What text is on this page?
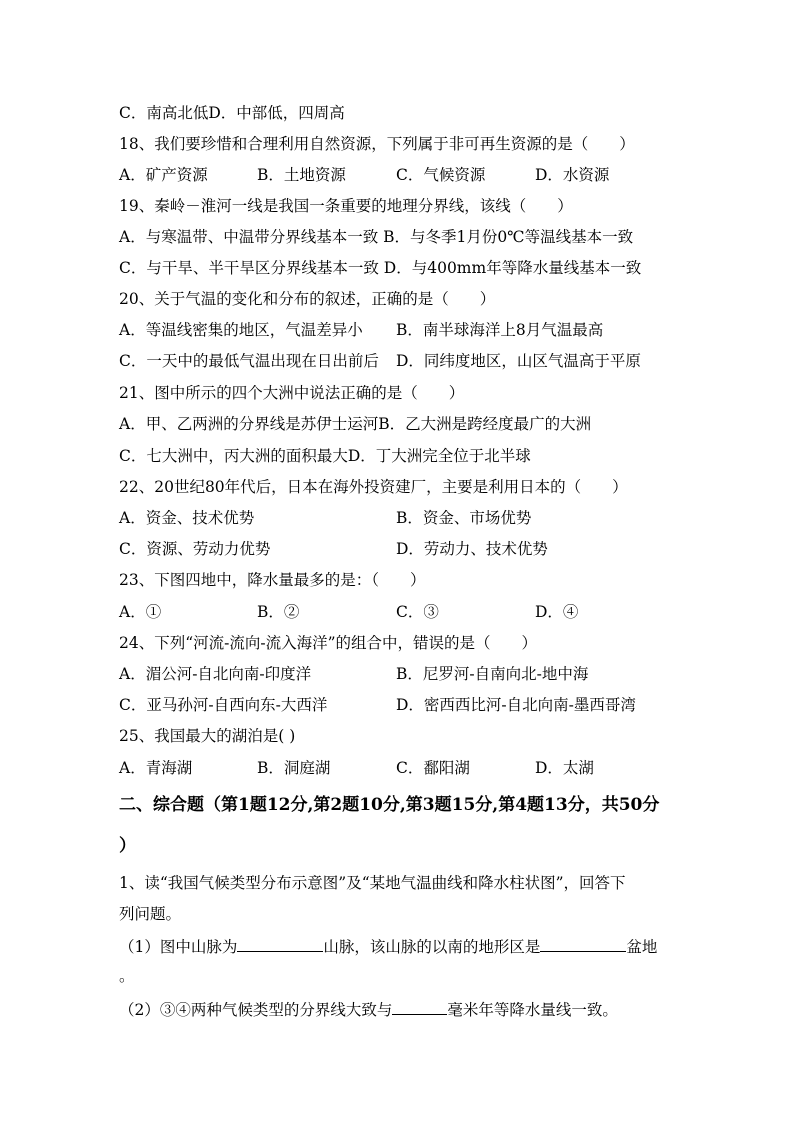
C．南高北低D．中部低，四周高
18、我们要珍惜和合理利用自然资源，下列属于非可再生资源的是（　　）
A．矿产资源	B．土地资源	C．气候资源	D．水资源
19、秦岭－淮河一线是我国一条重要的地理分界线，该线（　　）
A．与寒温带、中温带分界线基本一致 B．与冬季1月份0℃等温线基本一致
C．与干旱、半干旱区分界线基本一致 D．与400mm年等降水量线基本一致
20、关于气温的变化和分布的叙述，正确的是（　　）
A．等温线密集的地区，气温差异小 B．南半球海洋上8月气温最高
C．一天中的最低气温出现在日出前后 D．同纬度地区，山区气温高于平原
21、图中所示的四个大洲中说法正确的是（　　）
A．甲、乙两洲的分界线是苏伊士运河B．乙大洲是跨经度最广的大洲
C．七大洲中，丙大洲的面积最大D．丁大洲完全位于北半球
22、20世纪80年代后，日本在海外投资建厂，主要是利用日本的（　　）
A．资金、技术优势	B．资金、市场优势
C．资源、劳动力优势	D．劳动力、技术优势
23、下图四地中，降水量最多的是：（　　）
A．①	B．②	C．③	D．④
24、下列“河流-流向-流入海洋”的组合中，错误的是（　　）
A．湄公河-自北向南-印度洋	B．尼罗河-自南向北-地中海
C．亚马孙河-自西向东-大西洋	D．密西西比河-自北向南-墨西哥湾
25、我国最大的湖泊是( )
A．青海湖	B．洞庭湖	C．鄱阳湖	D．太湖
二、综合题（第1题12分,第2题10分,第3题15分,第4题13分，共50分
）
1、读“我国气候类型分布示意图”及“某地气温曲线和降水柱状图”，回答下
列问题。
（1）图中山脉为	山脉，该山脉的以南的地形区是	盆地
。
（2）③④两种气候类型的分界线大致与	毫米年等降水量线一致。
